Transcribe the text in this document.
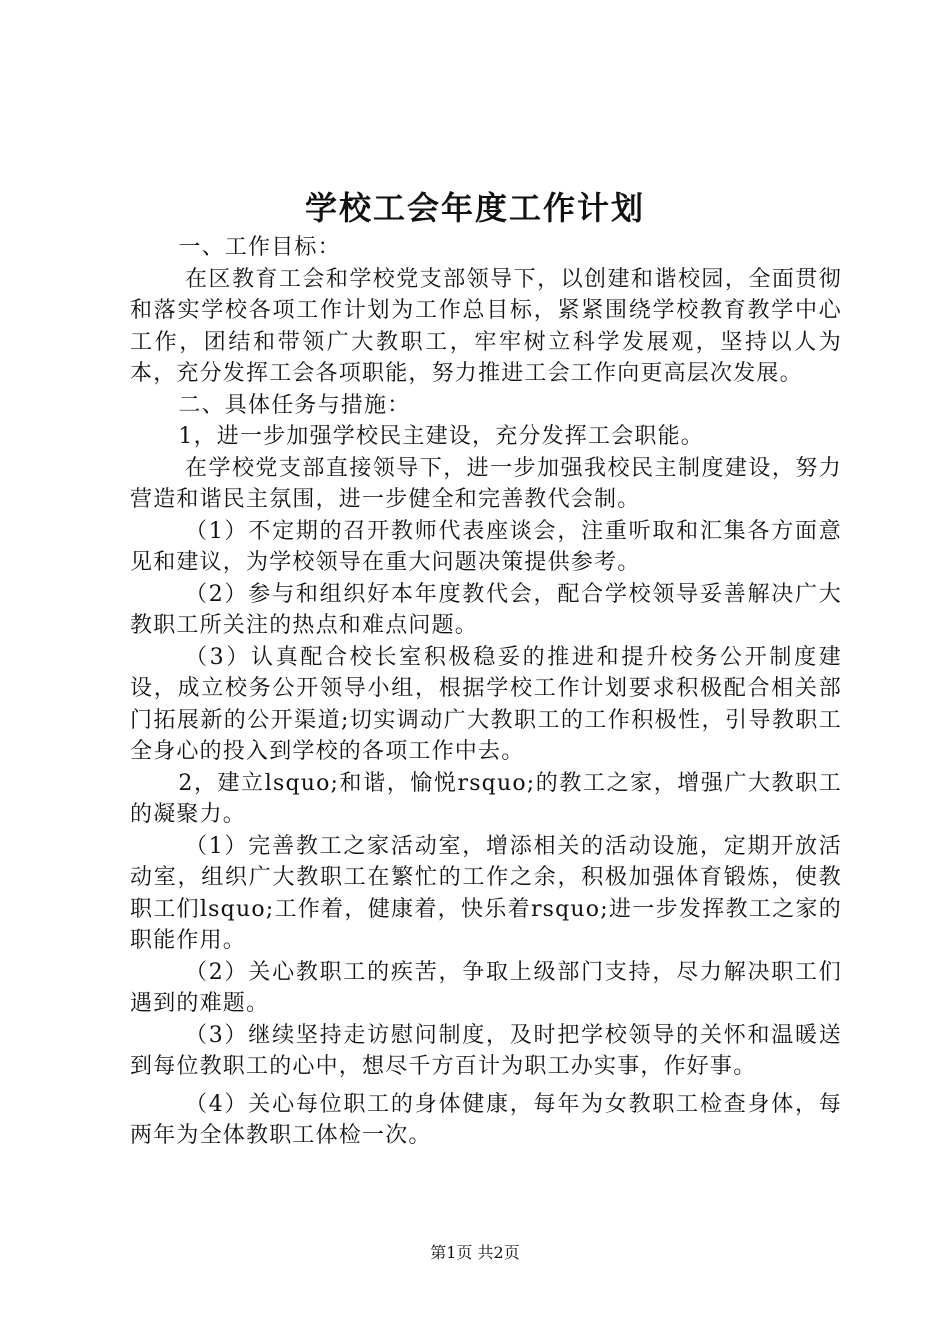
学校工会年度工作计划

一、工作目标：

在区教育工会和学校党支部领导下，以创建和谐校园，全面贯彻和落实学校各项工作计划为工作总目标，紧紧围绕学校教育教学中心工作，团结和带领广大教职工，牢牢树立科学发展观，坚持以人为本，充分发挥工会各项职能，努力推进工会工作向更高层次发展。

二、具体任务与措施：

1，进一步加强学校民主建设，充分发挥工会职能。

在学校党支部直接领导下，进一步加强我校民主制度建设，努力营造和谐民主氛围，进一步健全和完善教代会制。

（1）不定期的召开教师代表座谈会，注重听取和汇集各方面意见和建议，为学校领导在重大问题决策提供参考。

（2）参与和组织好本年度教代会，配合学校领导妥善解决广大教职工所关注的热点和难点问题。

（3）认真配合校长室积极稳妥的推进和提升校务公开制度建设，成立校务公开领导小组，根据学校工作计划要求积极配合相关部门拓展新的公开渠道;切实调动广大教职工的工作积极性，引导教职工全身心的投入到学校的各项工作中去。

2，建立lsquo;和谐，愉悦rsquo;的教工之家，增强广大教职工的凝聚力。

（1）完善教工之家活动室，增添相关的活动设施，定期开放活动室，组织广大教职工在繁忙的工作之余，积极加强体育锻炼，使教职工们lsquo;工作着，健康着，快乐着rsquo;进一步发挥教工之家的职能作用。

（2）关心教职工的疾苦，争取上级部门支持，尽力解决职工们遇到的难题。

（3）继续坚持走访慰问制度，及时把学校领导的关怀和温暖送到每位教职工的心中，想尽千方百计为职工办实事，作好事。

（4）关心每位职工的身体健康，每年为女教职工检查身体，每两年为全体教职工体检一次。

第1页 共2页
